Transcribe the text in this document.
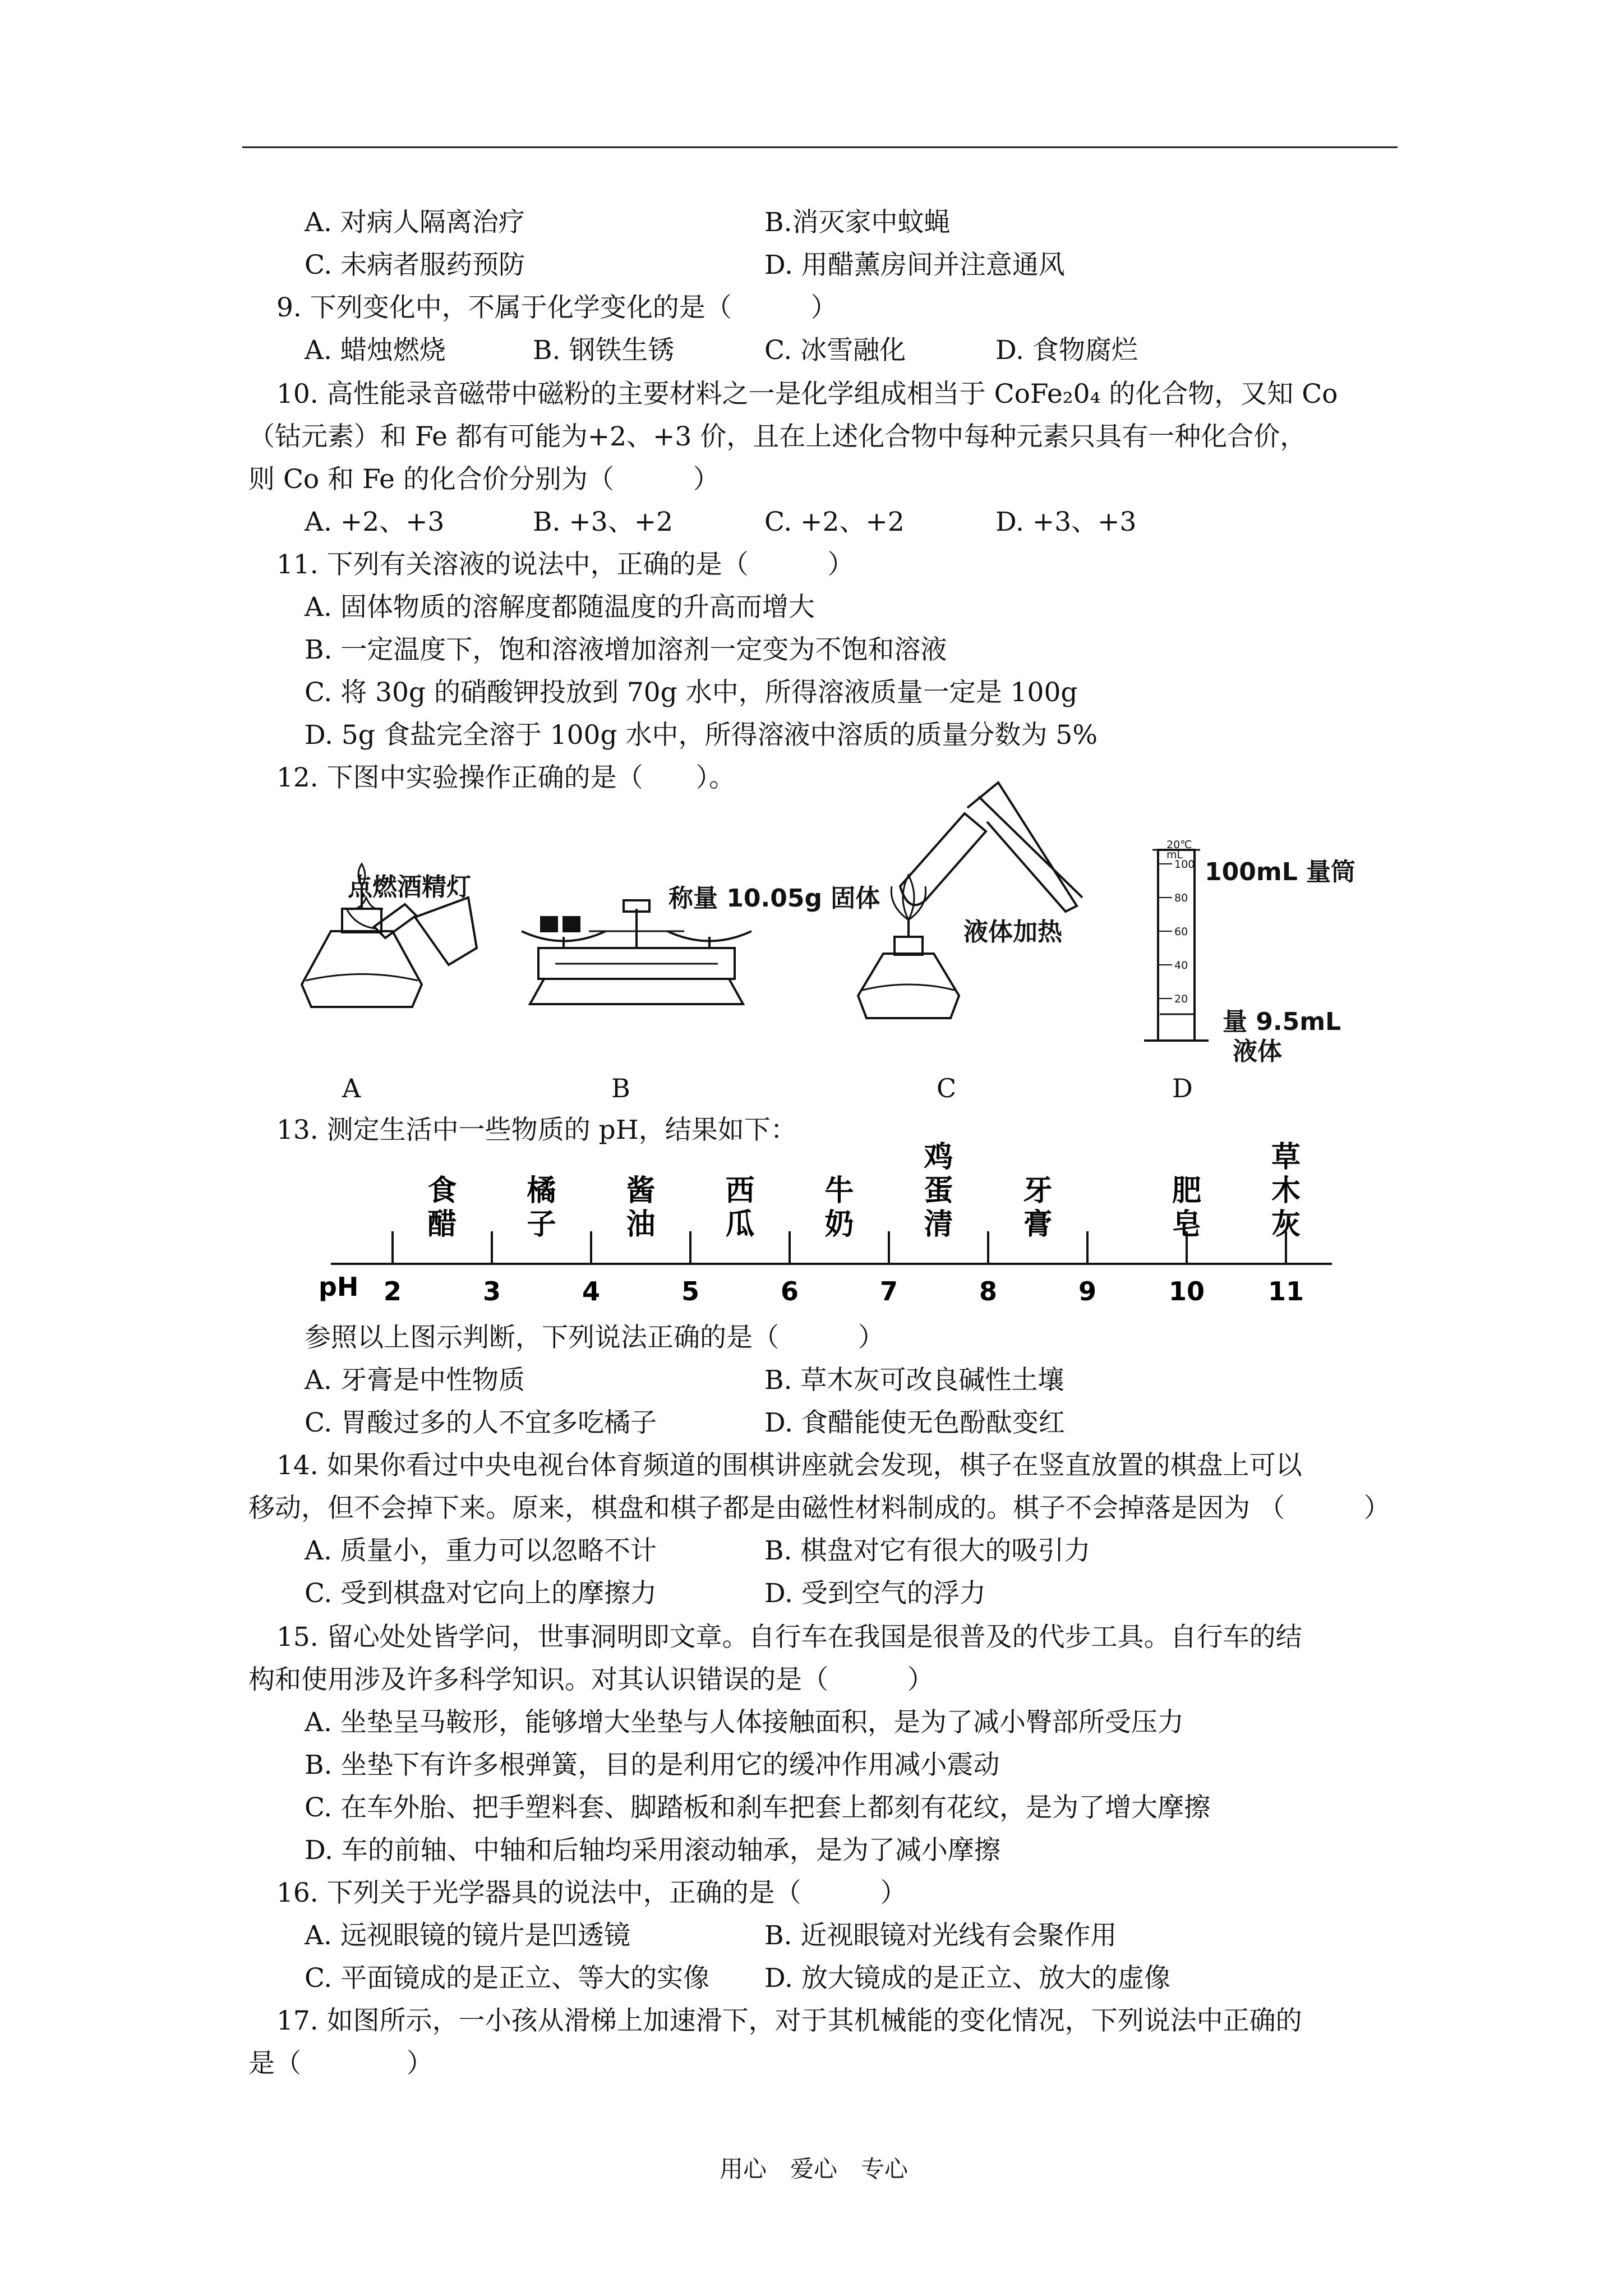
A. 对病人隔离治疗	B.消灭家中蚊蝇
C. 未病者服药预防	D. 用醋薰房间并注意通风
9. 下列变化中，不属于化学变化的是（　　　）
A. 蜡烛燃烧	B. 钢铁生锈	C. 冰雪融化	D. 食物腐烂
10. 高性能录音磁带中磁粉的主要材料之一是化学组成相当于 CoFe₂0₄ 的化合物，又知 Co
（钴元素）和 Fe 都有可能为+2、+3 价，且在上述化合物中每种元素只具有一种化合价，
则 Co 和 Fe 的化合价分别为（　　　）
A. +2、+3	B. +3、+2	C. +2、+2	D. +3、+3
11. 下列有关溶液的说法中，正确的是（　　　）
A. 固体物质的溶解度都随温度的升高而增大
B. 一定温度下，饱和溶液增加溶剂一定变为不饱和溶液
C. 将 30g 的硝酸钾投放到 70g 水中，所得溶液质量一定是 100g
D. 5g 食盐完全溶于 100g 水中，所得溶液中溶质的质量分数为 5%
12. 下图中实验操作正确的是（　　）。
20℃
mL
100
80
60
40
20
点燃酒精灯	称量 10.05g 固体
液体加热
100mL 量筒
量 9.5mL
液体
A	B	C	D
13. 测定生活中一些物质的 pH，结果如下：
pH 2	3	4	5	6	7	8	9	10 11
食
醋
橘
子
酱
油
西
瓜
牛
奶
鸡
蛋
清
牙
膏
肥
皂
草
木
灰
参照以上图示判断，下列说法正确的是（　　　）
A. 牙膏是中性物质	B. 草木灰可改良碱性土壤
C. 胃酸过多的人不宜多吃橘子	D. 食醋能使无色酚酞变红
14. 如果你看过中央电视台体育频道的围棋讲座就会发现，棋子在竖直放置的棋盘上可以
移动，但不会掉下来。原来，棋盘和棋子都是由磁性材料制成的。棋子不会掉落是因为 （　　　）
A. 质量小，重力可以忽略不计	B. 棋盘对它有很大的吸引力
C. 受到棋盘对它向上的摩擦力	D. 受到空气的浮力
15. 留心处处皆学问，世事洞明即文章。自行车在我国是很普及的代步工具。自行车的结
构和使用涉及许多科学知识。对其认识错误的是（　　　）
A. 坐垫呈马鞍形，能够增大坐垫与人体接触面积，是为了减小臀部所受压力
B. 坐垫下有许多根弹簧，目的是利用它的缓冲作用减小震动
C. 在车外胎、把手塑料套、脚踏板和刹车把套上都刻有花纹，是为了增大摩擦
D. 车的前轴、中轴和后轴均采用滚动轴承，是为了减小摩擦
16. 下列关于光学器具的说法中，正确的是（　　　）
A. 远视眼镜的镜片是凹透镜	B. 近视眼镜对光线有会聚作用
C. 平面镜成的是正立、等大的实像 D. 放大镜成的是正立、放大的虚像
17. 如图所示，一小孩从滑梯上加速滑下，对于其机械能的变化情况，下列说法中正确的
是（　　　　）
用心　爱心　专心
